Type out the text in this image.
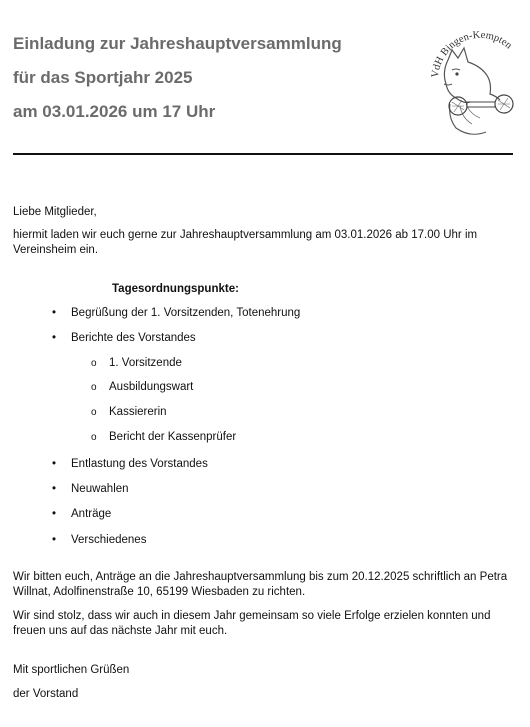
Einladung zur Jahreshauptversammlung
für das Sportjahr 2025
am 03.01.2026 um 17 Uhr
VdH Bingen-Kempten
Liebe Mitglieder,
hiermit laden wir euch gerne zur Jahreshauptversammlung am 03.01.2026 ab 17.00 Uhr im Vereinsheim ein.
Tagesordnungspunkte:
• Begrüßung der 1. Vorsitzenden, Totenehrung
• Berichte des Vorstandes
o 1. Vorsitzende
o Ausbildungswart
o Kassiererin
o Bericht der Kassenprüfer
• Entlastung des Vorstandes
• Neuwahlen
• Anträge
• Verschiedenes
Wir bitten euch, Anträge an die Jahreshauptversammlung bis zum 20.12.2025 schriftlich an Petra Willnat, Adolfinenstraße 10, 65199 Wiesbaden zu richten.
Wir sind stolz, dass wir auch in diesem Jahr gemeinsam so viele Erfolge erzielen konnten und freuen uns auf das nächste Jahr mit euch.
Mit sportlichen Grüßen
der Vorstand
